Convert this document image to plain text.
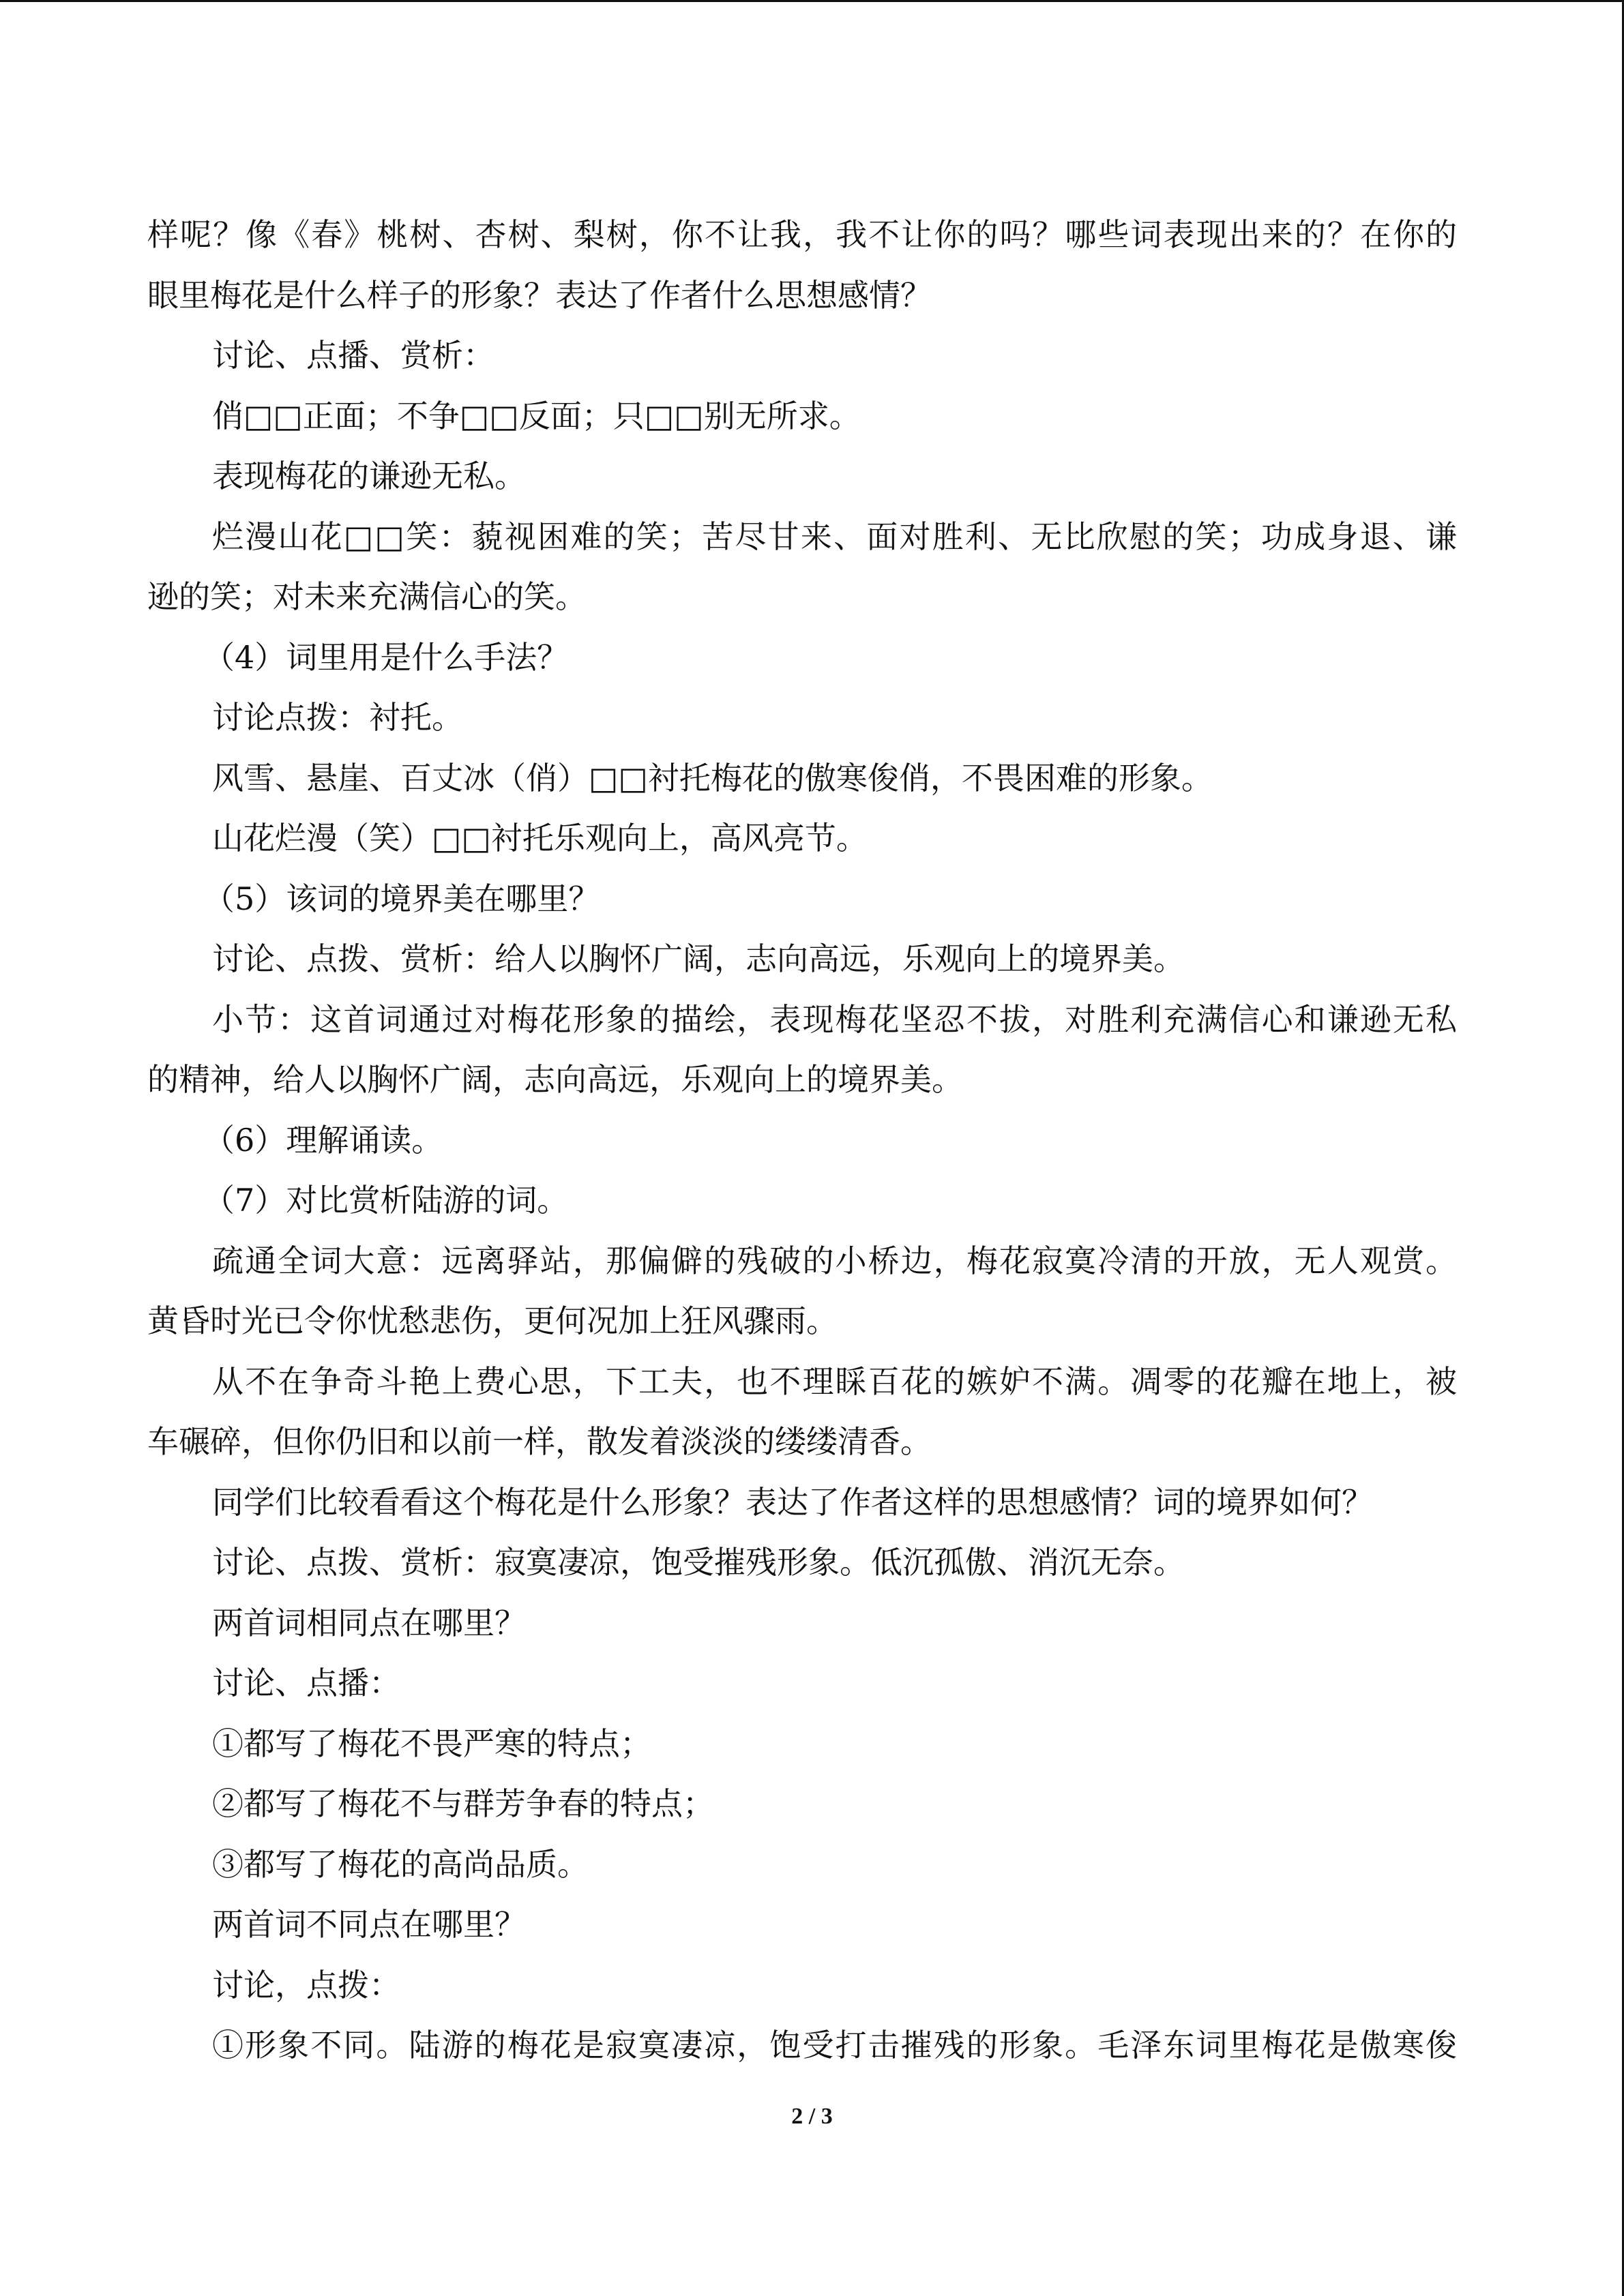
样呢？像《春》桃树、杏树、梨树，你不让我，我不让你的吗？哪些词表现出来的？在你的
眼里梅花是什么样子的形象？表达了作者什么思想感情？
讨论、点播、赏析：
俏□□正面；不争□□反面；只□□别无所求。
表现梅花的谦逊无私。
烂漫山花□□笑：藐视困难的笑；苦尽甘来、面对胜利、无比欣慰的笑；功成身退、谦
逊的笑；对未来充满信心的笑。
（4）词里用是什么手法？
讨论点拨：衬托。
风雪、悬崖、百丈冰（俏）□□衬托梅花的傲寒俊俏，不畏困难的形象。
山花烂漫（笑）□□衬托乐观向上，高风亮节。
（5）该词的境界美在哪里？
讨论、点拨、赏析：给人以胸怀广阔，志向高远，乐观向上的境界美。
小节：这首词通过对梅花形象的描绘，表现梅花坚忍不拔，对胜利充满信心和谦逊无私
的精神，给人以胸怀广阔，志向高远，乐观向上的境界美。
（6）理解诵读。
（7）对比赏析陆游的词。
疏通全词大意：远离驿站，那偏僻的残破的小桥边，梅花寂寞冷清的开放，无人观赏。
黄昏时光已令你忧愁悲伤，更何况加上狂风骤雨。
从不在争奇斗艳上费心思，下工夫，也不理睬百花的嫉妒不满。凋零的花瓣在地上，被
车碾碎，但你仍旧和以前一样，散发着淡淡的缕缕清香。
同学们比较看看这个梅花是什么形象？表达了作者这样的思想感情？词的境界如何？
讨论、点拨、赏析：寂寞凄凉，饱受摧残形象。低沉孤傲、消沉无奈。
两首词相同点在哪里？
讨论、点播：
①都写了梅花不畏严寒的特点；
②都写了梅花不与群芳争春的特点；
③都写了梅花的高尚品质。
两首词不同点在哪里？
讨论，点拨：
①形象不同。陆游的梅花是寂寞凄凉，饱受打击摧残的形象。毛泽东词里梅花是傲寒俊
2 / 3
